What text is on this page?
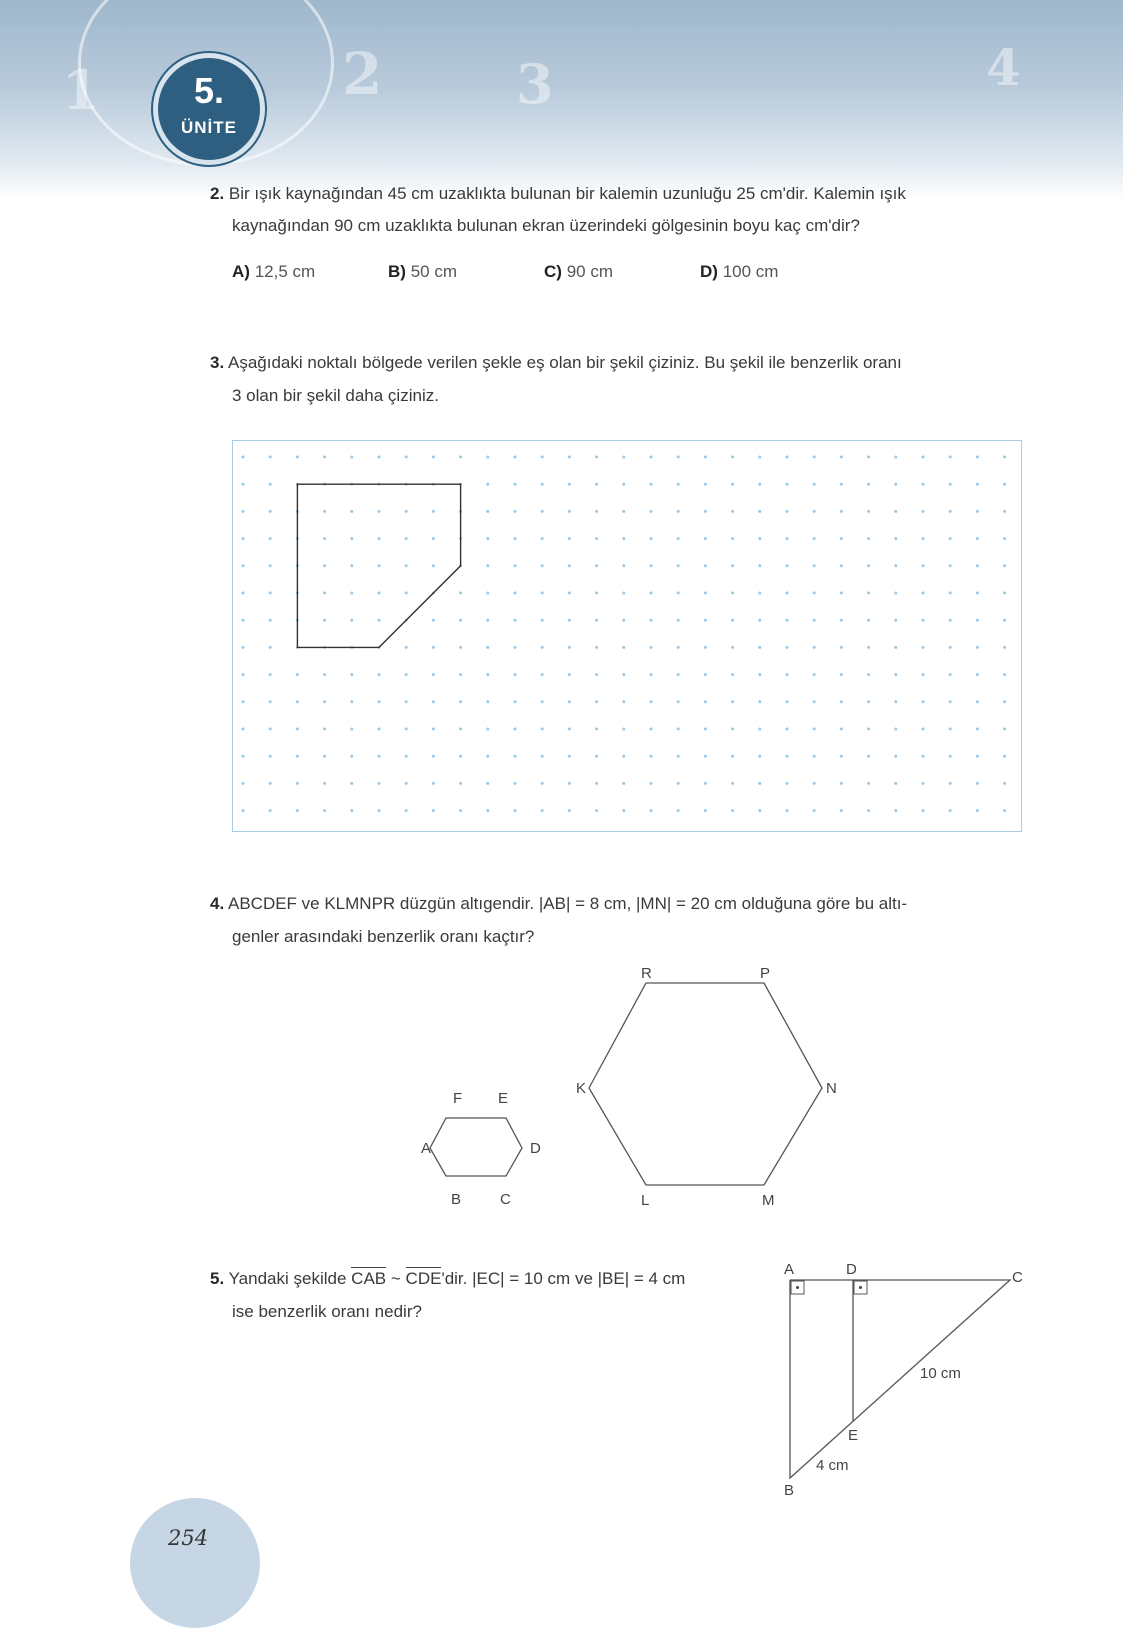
1	2 3	4
5.
ÜNİTE
2. Bir ışık kaynağından 45 cm uzaklıkta bulunan bir kalemin uzunluğu 25 cm'dir. Kalemin ışık
kaynağından 90 cm uzaklıkta bulunan ekran üzerindeki gölgesinin boyu kaç cm'dir?
A) 12,5 cm	B) 50 cm	C) 90 cm	D) 100 cm
3. Aşağıdaki noktalı bölgede verilen şekle eş olan bir şekil çiziniz. Bu şekil ile benzerlik oranı
3 olan bir şekil daha çiziniz.
4. ABCDEF ve KLMNPR düzgün altıgendir. |AB| = 8 cm, |MN| = 20 cm olduğuna göre bu altı-
genler arasındaki benzerlik oranı kaçtır?
A
B	C
D
E
F
K
L	M
N
P
R
A	D	C
E
B
10 cm
4 cm
5. Yandaki şekilde CAB ~ CDE'dir. |EC| = 10 cm ve |BE| = 4 cm
ise benzerlik oranı nedir?
254
